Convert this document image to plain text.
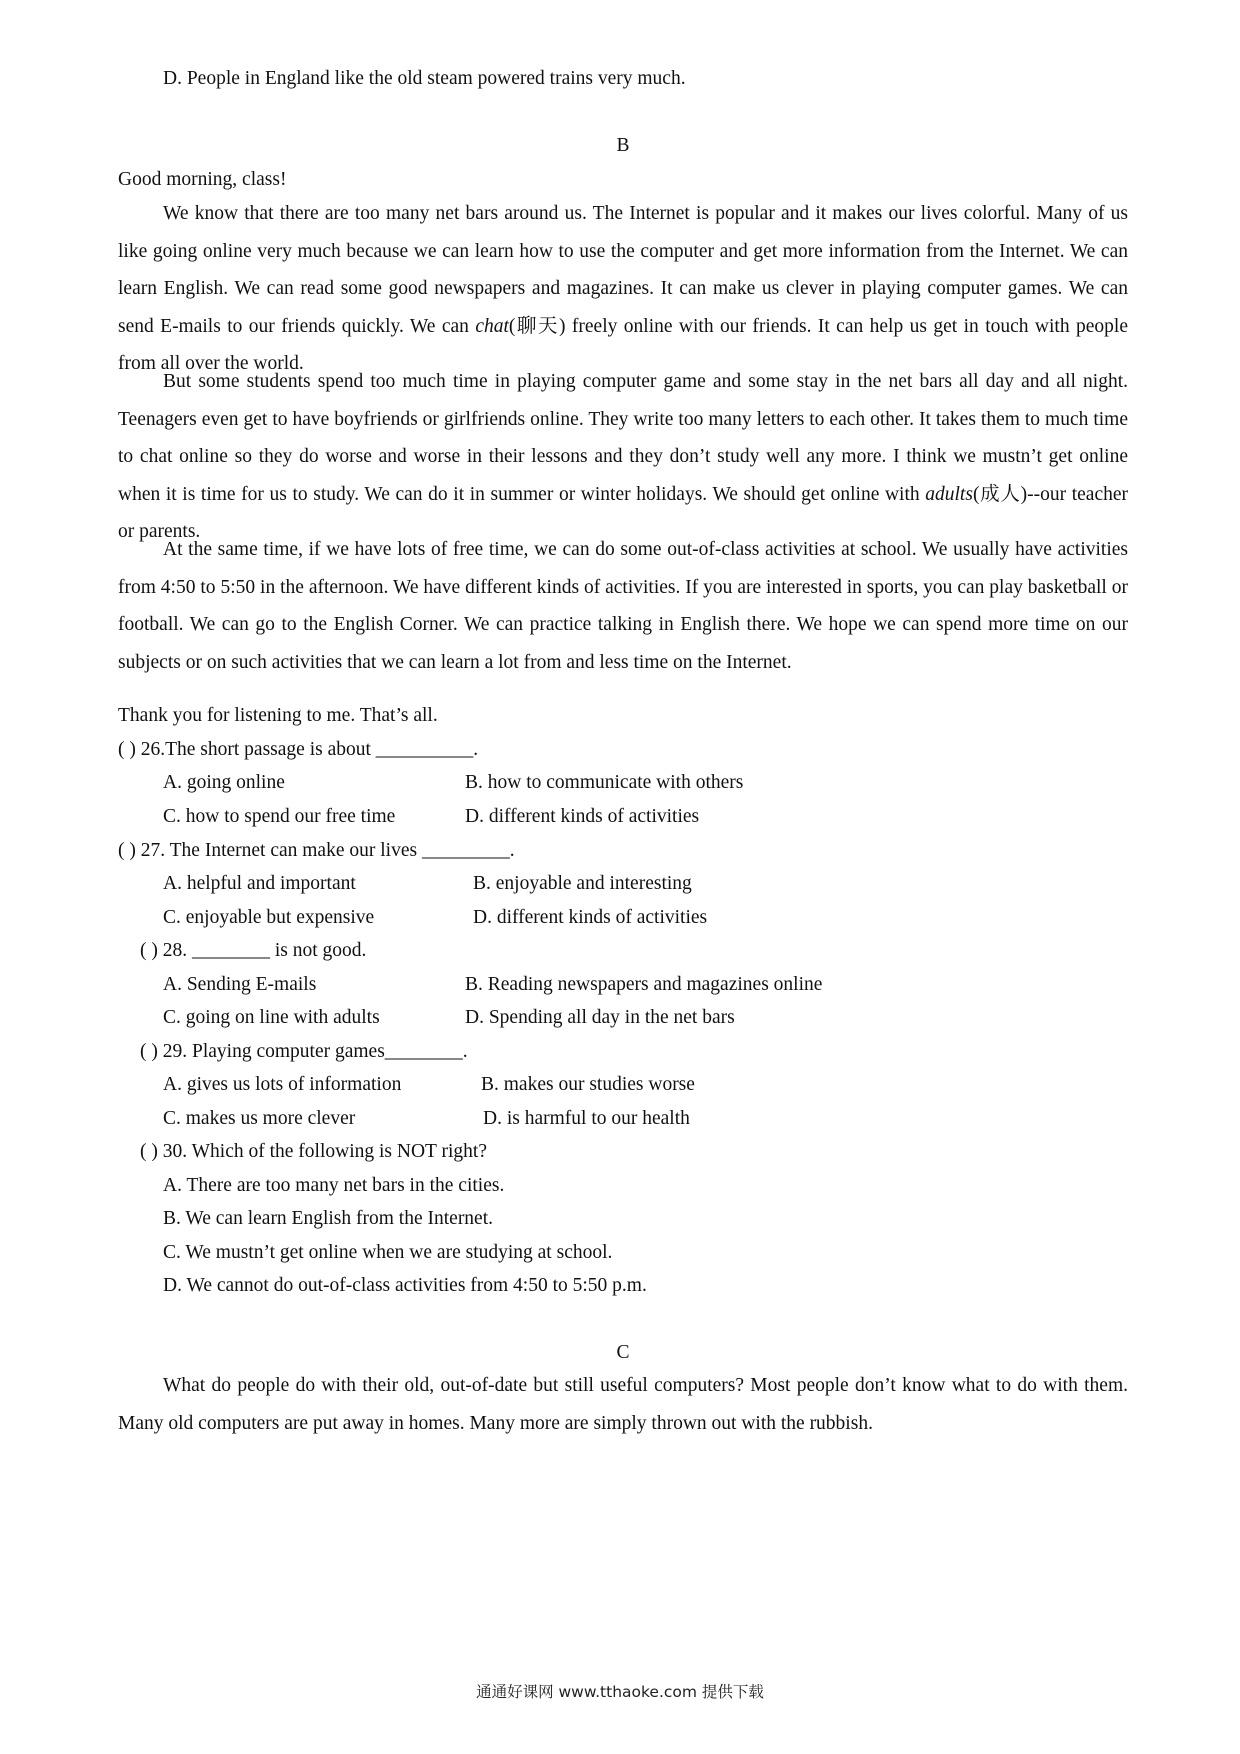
D. People in England like the old steam powered trains very much.
B
Good morning, class!
We know that there are too many net bars around us. The Internet is popular and it makes our lives colorful. Many of us like going online very much because we can learn how to use the computer and get more information from the Internet. We can learn English. We can read some good newspapers and magazines. It can make us clever in playing computer games. We can send E-mails to our friends quickly. We can chat(聊天) freely online with our friends. It can help us get in touch with people from all over the world.
But some students spend too much time in playing computer game and some stay in the net bars all day and all night. Teenagers even get to have boyfriends or girlfriends online. They write too many letters to each other. It takes them to much time to chat online so they do worse and worse in their lessons and they don’t study well any more. I think we mustn’t get online when it is time for us to study. We can do it in summer or winter holidays. We should get online with adults(成人)--our teacher or parents.
At the same time, if we have lots of free time, we can do some out-of-class activities at school. We usually have activities from 4:50 to 5:50 in the afternoon. We have different kinds of activities. If you are interested in sports, you can play basketball or football. We can go to the English Corner. We can practice talking in English there. We hope we can spend more time on our subjects or on such activities that we can learn a lot from and less time on the Internet.
Thank you for listening to me. That’s all.
( ) 26.The short passage is about __________.
A. going online	B. how to communicate with others
C. how to spend our free time	D. different kinds of activities
( ) 27. The Internet can make our lives _________.
A. helpful and important	B. enjoyable and interesting
C. enjoyable but expensive	D. different kinds of activities
( ) 28. ________ is not good.
A. Sending E-mails	B. Reading newspapers and magazines online
C. going on line with adults	D. Spending all day in the net bars
( ) 29. Playing computer games________.
A. gives us lots of information	B. makes our studies worse
C. makes us more clever	D. is harmful to our health
( ) 30. Which of the following is NOT right?
A. There are too many net bars in the cities.
B. We can learn English from the Internet.
C. We mustn’t get online when we are studying at school.
D. We cannot do out-of-class activities from 4:50 to 5:50 p.m.
C
What do people do with their old, out-of-date but still useful computers? Most people don’t know what to do with them. Many old computers are put away in homes. Many more are simply thrown out with the rubbish.
通通好课网 www.tthaoke.com 提供下载
